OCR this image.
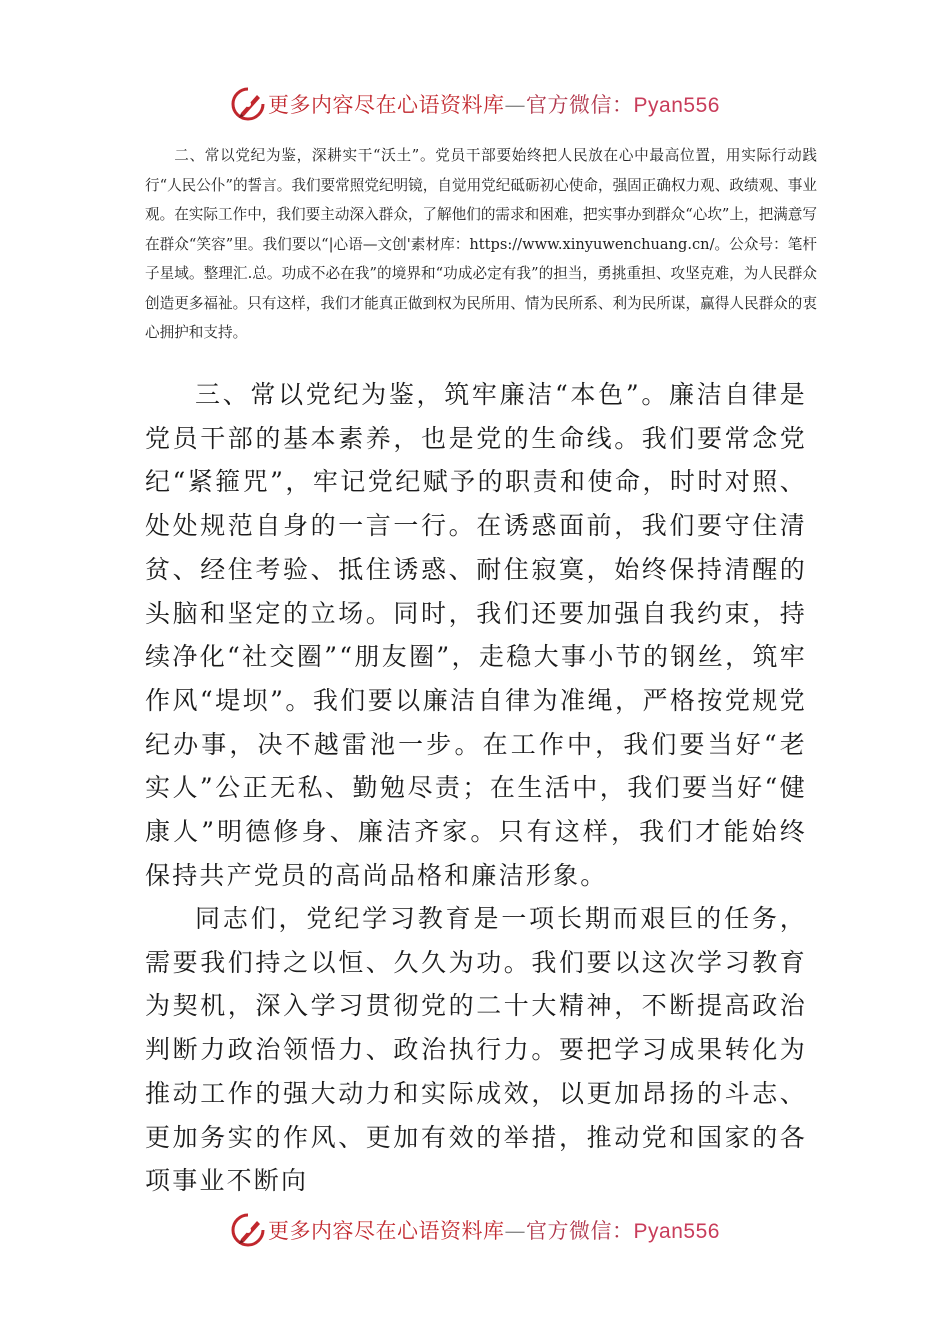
更多内容尽在心语资料库—官方微信：Pyan556
二、常以党纪为鉴，深耕实干“沃土”。党员干部要始终把人民放在心中最高位置，用实际行动践行“人民公仆”的誓言。我们要常照党纪明镜，自觉用党纪砥砺初心使命，强固正确权力观、政绩观、事业观。在实际工作中，我们要主动深入群众，了解他们的需求和困难，把实事办到群众“心坎”上，把满意写在群众“笑容”里。我们要以“|心语—文创'素材库：https://www.xinyuwenchuang.cn/。公众号：笔杆子星域。整理汇.总。功成不必在我”的境界和“功成必定有我”的担当，勇挑重担、攻坚克难，为人民群众创造更多福祉。只有这样，我们才能真正做到权为民所用、情为民所系、利为民所谋，赢得人民群众的衷心拥护和支持。
三、常以党纪为鉴，筑牢廉洁“本色”。廉洁自律是党员干部的基本素养，也是党的生命线。我们要常念党纪“紧箍咒”，牢记党纪赋予的职责和使命，时时对照、处处规范自身的一言一行。在诱惑面前，我们要守住清贫、经住考验、抵住诱惑、耐住寂寞，始终保持清醒的头脑和坚定的立场。同时，我们还要加强自我约束，持续净化“社交圈”“朋友圈”，走稳大事小节的钢丝，筑牢作风“堤坝”。我们要以廉洁自律为准绳，严格按党规党纪办事，决不越雷池一步。在工作中，我们要当好“老实人”公正无私、勤勉尽责；在生活中，我们要当好“健康人”明德修身、廉洁齐家。只有这样，我们才能始终保持共产党员的高尚品格和廉洁形象。
同志们，党纪学习教育是一项长期而艰巨的任务，需要我们持之以恒、久久为功。我们要以这次学习教育为契机，深入学习贯彻党的二十大精神，不断提高政治判断力政治领悟力、政治执行力。要把学习成果转化为推动工作的强大动力和实际成效，以更加昂扬的斗志、更加务实的作风、更加有效的举措，推动党和国家的各项事业不断向
更多内容尽在心语资料库—官方微信：Pyan556
